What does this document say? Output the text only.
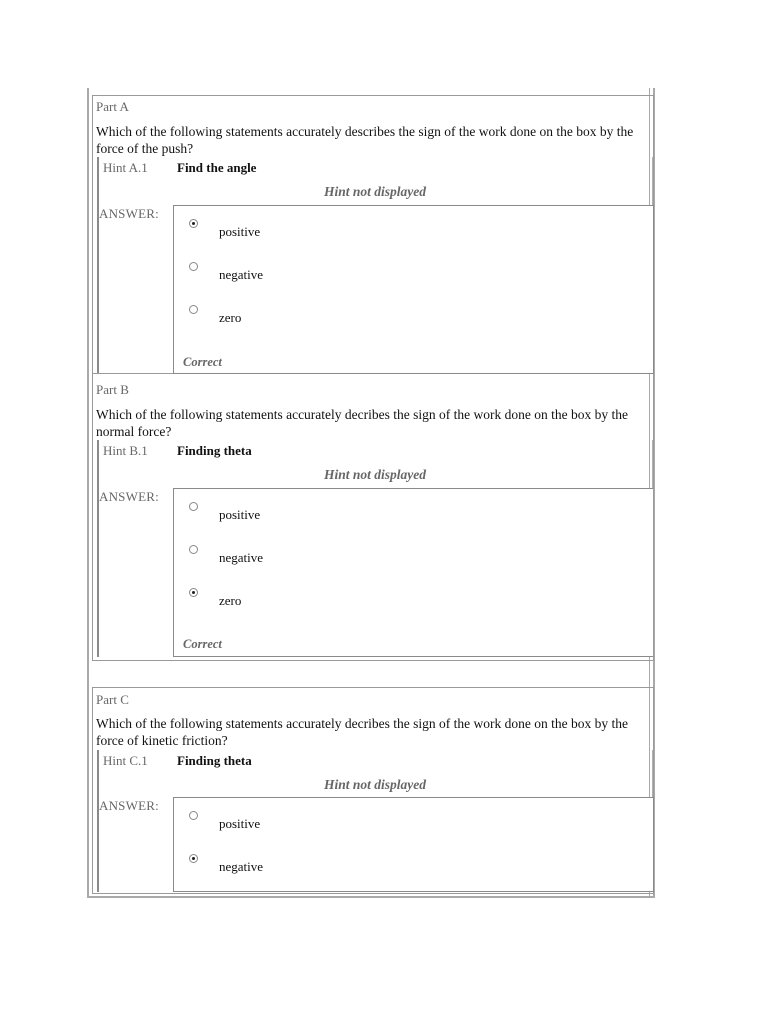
Part A
Which of the following statements accurately describes the sign of the work done on the box by the force of the push?
Hint A.1 Find the angle
Hint not displayed
ANSWER:
positive
negative
zero
Correct
Part B
Which of the following statements accurately decribes the sign of the work done on the box by the normal force?
Hint B.1 Finding theta
Hint not displayed
ANSWER:
positive
negative
zero
Correct
Part C
Which of the following statements accurately decribes the sign of the work done on the box by the force of kinetic friction?
Hint C.1 Finding theta
Hint not displayed
ANSWER:
positive
negative
